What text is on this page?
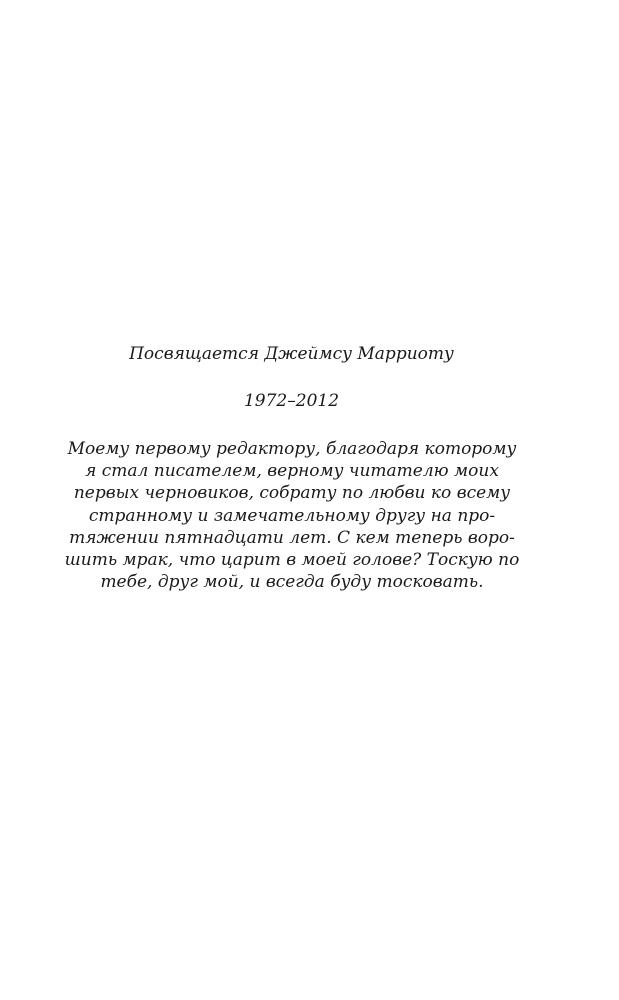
Посвящается Джеймсу Марриоту

1972–2012

Моему первому редактору, благодаря которому
я стал писателем, верному читателю моих
первых черновиков, собрату по любви ко всему
странному и замечательному другу на про-
тяжении пятнадцати лет. С кем теперь воро-
шить мрак, что царит в моей голове? Тоскую по
тебе, друг мой, и всегда буду тосковать.
